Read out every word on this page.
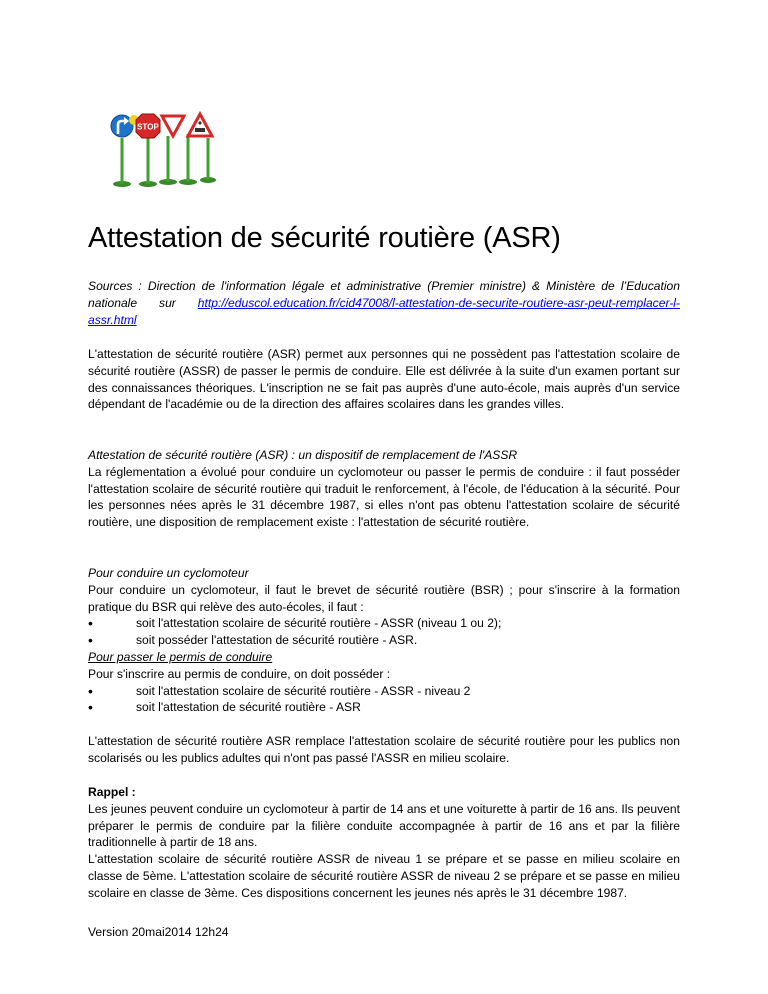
STOP
Attestation de sécurité routière (ASR)
Sources : Direction de l'information légale et administrative (Premier ministre) & Ministère de l’Education nationale sur http://eduscol.education.fr/cid47008/l-attestation-de-securite-routiere-asr-peut-remplacer-l-assr.html

L'attestation de sécurité routière (ASR) permet aux personnes qui ne possèdent pas l'attestation scolaire de sécurité routière (ASSR) de passer le permis de conduire. Elle est délivrée à la suite d'un examen portant sur des connaissances théoriques. L'inscription ne se fait pas auprès d'une auto-école, mais auprès d'un service dépendant de l'académie ou de la direction des affaires scolaires dans les grandes villes.

Attestation de sécurité routière (ASR) : un dispositif de remplacement de l'ASSR

La réglementation a évolué pour conduire un cyclomoteur ou passer le permis de conduire : il faut posséder l'attestation scolaire de sécurité routière qui traduit le renforcement, à l'école, de l'éducation à la sécurité. Pour les personnes nées après le 31 décembre 1987, si elles n'ont pas obtenu l'attestation scolaire de sécurité routière, une disposition de remplacement existe : l'attestation de sécurité routière.

Pour conduire un cyclomoteur

Pour conduire un cyclomoteur, il faut le brevet de sécurité routière (BSR) ; pour s'inscrire à la formation pratique du BSR qui relève des auto-écoles, il faut :

• soit l'attestation scolaire de sécurité routière - ASSR (niveau 1 ou 2);
• soit posséder l'attestation de sécurité routière - ASR.

Pour passer le permis de conduire

Pour s'inscrire au permis de conduire, on doit posséder :

• soit l'attestation scolaire de sécurité routière - ASSR - niveau 2
• soit l'attestation de sécurité routière - ASR

L'attestation de sécurité routière ASR remplace l'attestation scolaire de sécurité routière pour les publics non scolarisés ou les publics adultes qui n'ont pas passé l'ASSR en milieu scolaire.

Rappel :

Les jeunes peuvent conduire un cyclomoteur à partir de 14 ans et une voiturette à partir de 16 ans. Ils peuvent préparer le permis de conduire par la filière conduite accompagnée à partir de 16 ans et par la filière traditionnelle à partir de 18 ans.

L'attestation scolaire de sécurité routière ASSR de niveau 1 se prépare et se passe en milieu scolaire en classe de 5ème. L'attestation scolaire de sécurité routière ASSR de niveau 2 se prépare et se passe en milieu scolaire en classe de 3ème. Ces dispositions concernent les jeunes nés après le 31 décembre 1987.

Version 20mai2014 12h24
